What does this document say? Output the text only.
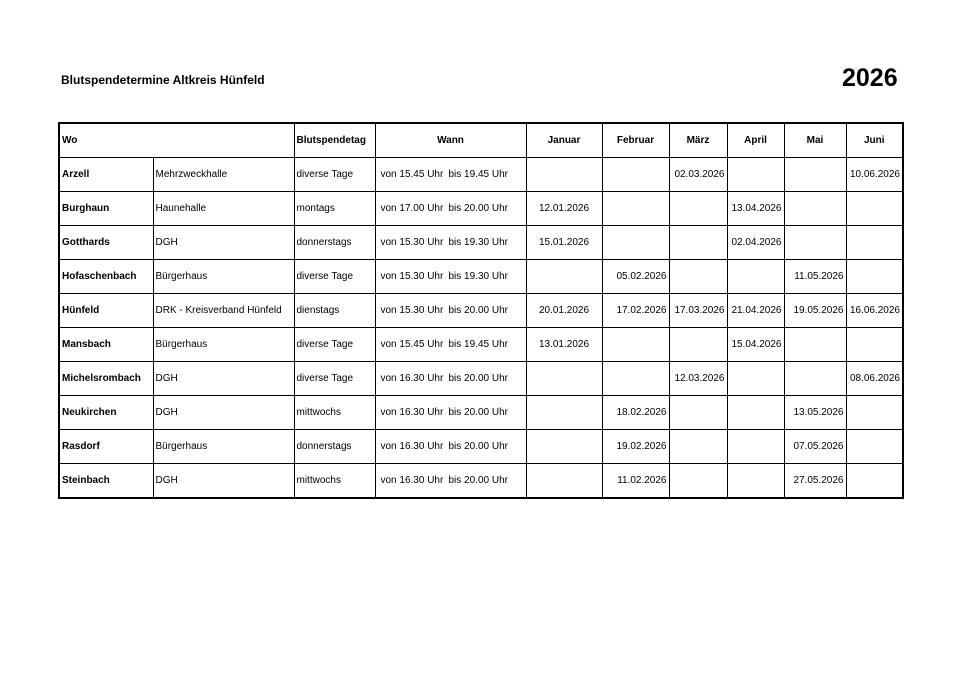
Blutspendetermine Altkreis Hünfeld	2026
Wo		Blutspendetag	Wann	Januar	Februar	März	April	Mai	Juni
Arzell	Mehrzweckhalle	diverse Tage	von 15.45 Uhr bis 19.45 Uhr			02.03.2026			10.06.2026
Burghaun	Haunehalle	montags	von 17.00 Uhr bis 20.00 Uhr	12.01.2026			13.04.2026		
Gotthards	DGH	donnerstags	von 15.30 Uhr bis 19.30 Uhr	15.01.2026			02.04.2026		
Hofaschenbach	Bürgerhaus	diverse Tage	von 15.30 Uhr bis 19.30 Uhr		05.02.2026			11.05.2026	
Hünfeld	DRK - Kreisverband Hünfeld	dienstags	von 15.30 Uhr bis 20.00 Uhr	20.01.2026	17.02.2026	17.03.2026	21.04.2026	19.05.2026	16.06.2026
Mansbach	Bürgerhaus	diverse Tage	von 15.45 Uhr bis 19.45 Uhr	13.01.2026			15.04.2026		
Michelsrombach	DGH	diverse Tage	von 16.30 Uhr bis 20.00 Uhr			12.03.2026			08.06.2026
Neukirchen	DGH	mittwochs	von 16.30 Uhr bis 20.00 Uhr		18.02.2026			13.05.2026	
Rasdorf	Bürgerhaus	donnerstags	von 16.30 Uhr bis 20.00 Uhr		19.02.2026			07.05.2026	
Steinbach	DGH	mittwochs	von 16.30 Uhr bis 20.00 Uhr		11.02.2026			27.05.2026	
